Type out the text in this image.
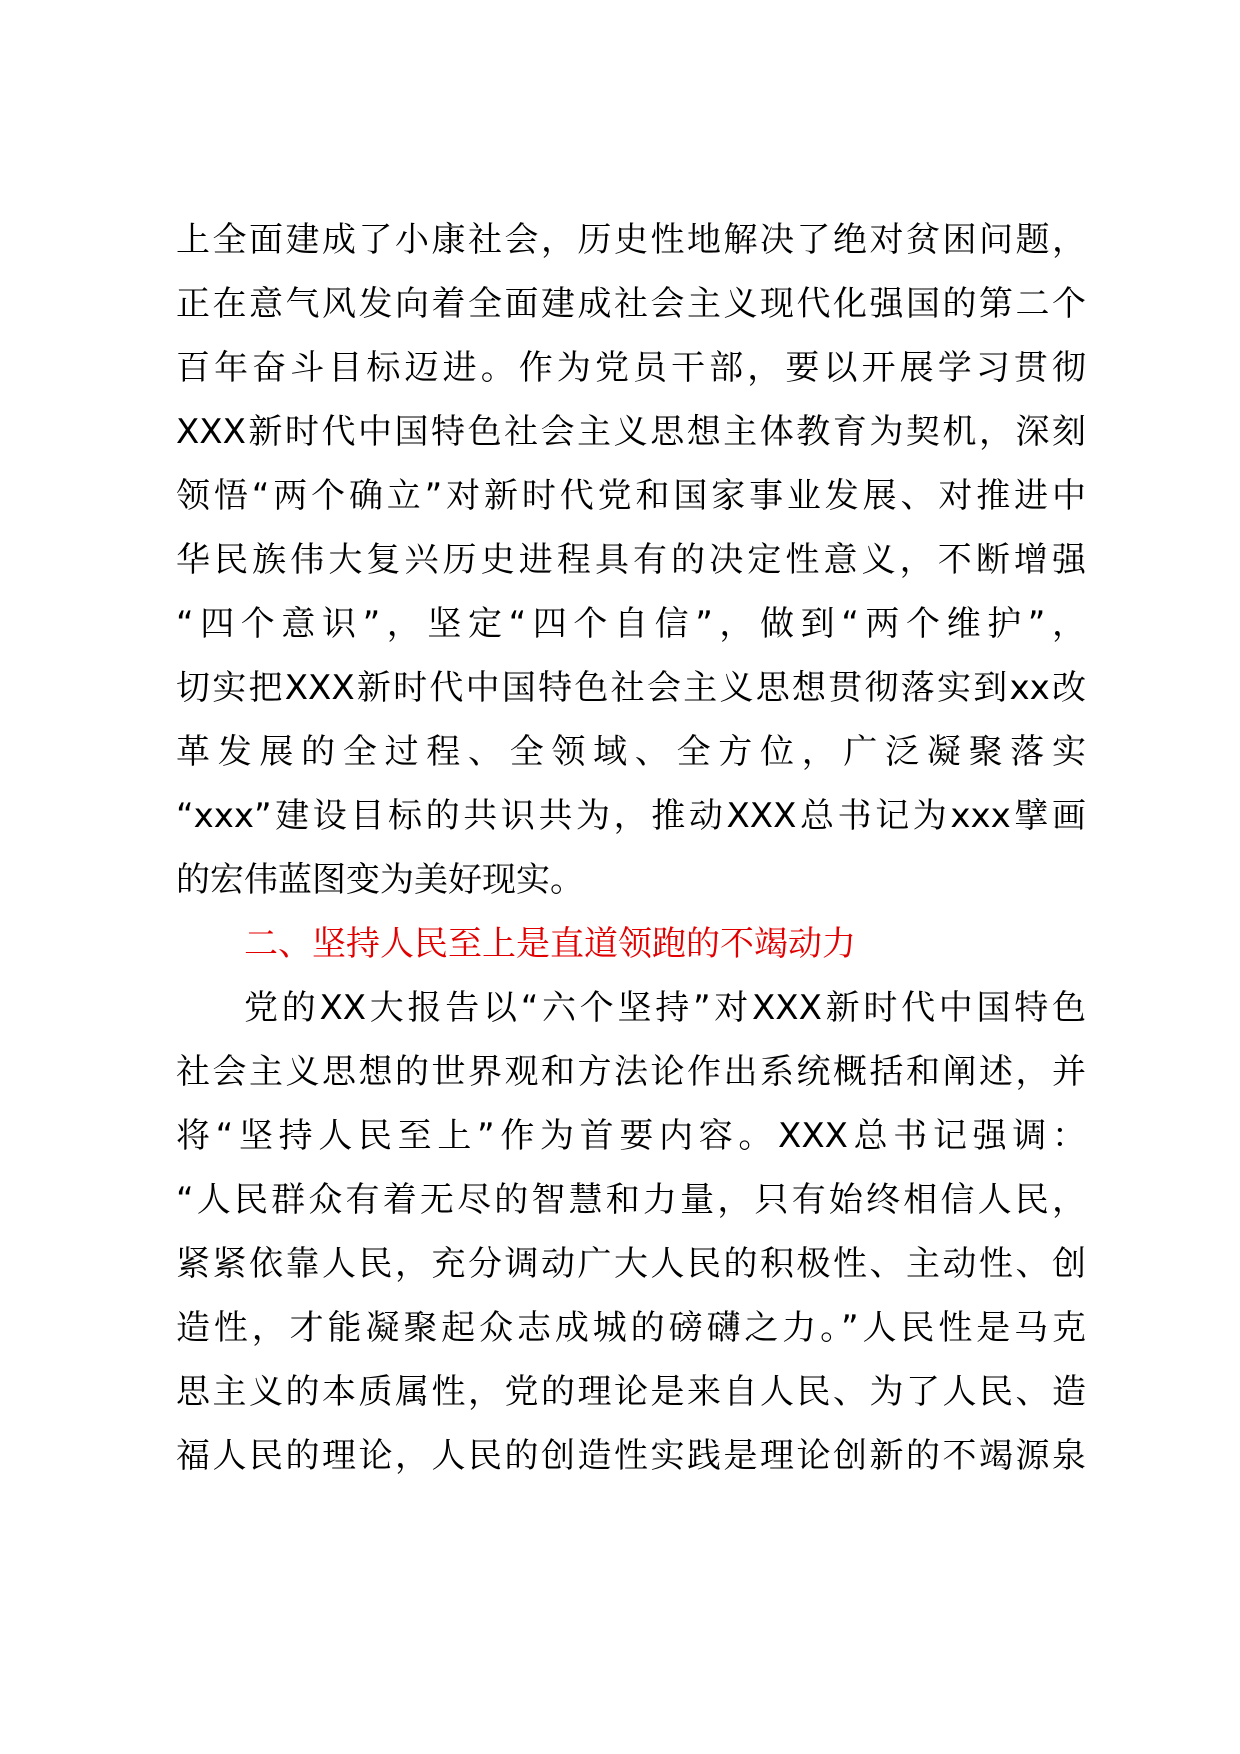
上全面建成了小康社会，历史性地解决了绝对贫困问题，
正在意气风发向着全面建成社会主义现代化强国的第二个
百年奋斗目标迈进。作为党员干部，要以开展学习贯彻
XXX新时代中国特色社会主义思想主体教育为契机，深刻
领悟“两个确立”对新时代党和国家事业发展、对推进中
华民族伟大复兴历史进程具有的决定性意义，不断增强
“四个意识”，坚定“四个自信”，做到“两个维护”，
切实把XXX新时代中国特色社会主义思想贯彻落实到xx改
革发展的全过程、全领域、全方位，广泛凝聚落实
“xxx”建设目标的共识共为，推动XXX总书记为xxx擘画
的宏伟蓝图变为美好现实。
二、坚持人民至上是直道领跑的不竭动力
党的XX大报告以“六个坚持”对XXX新时代中国特色
社会主义思想的世界观和方法论作出系统概括和阐述，并
将“坚持人民至上”作为首要内容。XXX总书记强调：
“人民群众有着无尽的智慧和力量，只有始终相信人民，
紧紧依靠人民，充分调动广大人民的积极性、主动性、创
造性，才能凝聚起众志成城的磅礴之力。”人民性是马克
思主义的本质属性，党的理论是来自人民、为了人民、造
福人民的理论，人民的创造性实践是理论创新的不竭源泉
